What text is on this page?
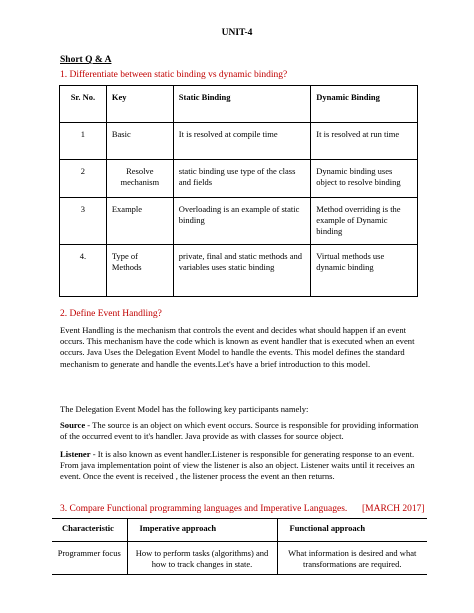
UNIT-4
Short Q & A
1. Differentiate between static binding vs dynamic binding?
Sr. No.	Key	Static Binding	Dynamic Binding
1	Basic	It is resolved at compile time	It is resolved at run time
2	Resolve mechanism	static binding use type of the class and fields	Dynamic binding uses object to resolve binding
3	Example	Overloading is an example of static binding	Method overriding is the example of Dynamic binding
4.	Type of Methods	private, final and static methods and variables uses static binding	Virtual methods use dynamic binding
2. Define Event Handling?
Event Handling is the mechanism that controls the event and decides what should happen if an event occurs. This mechanism have the code which is known as event handler that is executed when an event occurs. Java Uses the Delegation Event Model to handle the events. This model defines the standard mechanism to generate and handle the events.Let's have a brief introduction to this model.
The Delegation Event Model has the following key participants namely:
Source - The source is an object on which event occurs. Source is responsible for providing information of the occurred event to it's handler. Java provide as with classes for source object.
Listener - It is also known as event handler.Listener is responsible for generating response to an event. From java implementation point of view the listener is also an object. Listener waits until it receives an event. Once the event is received , the listener process the event an then returns.
3. Compare Functional programming languages and Imperative Languages. [MARCH 2017]
Characteristic	Imperative approach	Functional approach
Programmer focus	How to perform tasks (algorithms) and how to track changes in state.	What information is desired and what transformations are required.
